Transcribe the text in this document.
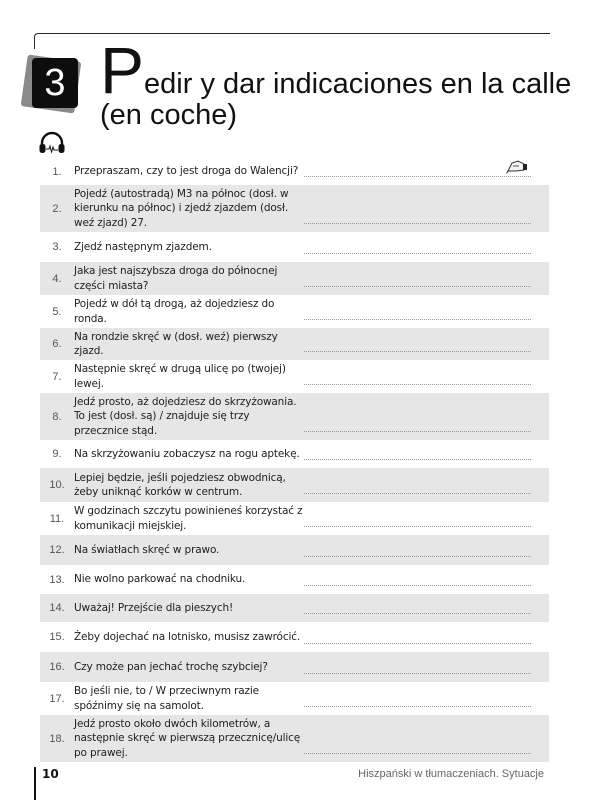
3 Pedir y dar indicaciones en la calle
(en coche)
1.	Przepraszam, czy to jest droga do Walencji?
2.
Pojedź (autostradą) M3 na północ (dosł. w kierunku na północ) i zjedź zjazdem (dosł. weź zjazd) 27.
3.	Zjedź następnym zjazdem.
4.
Jaka jest najszybsza droga do północnej części miasta?
5.
Pojedź w dół tą drogą, aż dojedziesz do ronda.
6.
Na rondzie skręć w (dosł. weź) pierwszy zjazd.
7.
Następnie skręć w drugą ulicę po (twojej) lewej.
8.
Jedź prosto, aż dojedziesz do skrzyżowania. To jest (dosł. są) / znajduje się trzy przecznice stąd.
9.	Na skrzyżowaniu zobaczysz na rogu aptekę.
10.
Lepiej będzie, jeśli pojedziesz obwodnicą, żeby uniknąć korków w centrum.
11.
W godzinach szczytu powinieneś korzystać z komunikacji miejskiej.
12. Na światłach skręć w prawo.
13. Nie wolno parkować na chodniku.
14. Uważaj! Przejście dla pieszych!
15. Żeby dojechać na lotnisko, musisz zawrócić.
16. Czy może pan jechać trochę szybciej?
17.
Bo jeśli nie, to / W przeciwnym razie spóźnimy się na samolot.
18.
Jedź prosto około dwóch kilometrów, a następnie skręć w pierwszą przecznicę/ulicę po prawej.
10	Hiszpański w tłumaczeniach. Sytuacje
